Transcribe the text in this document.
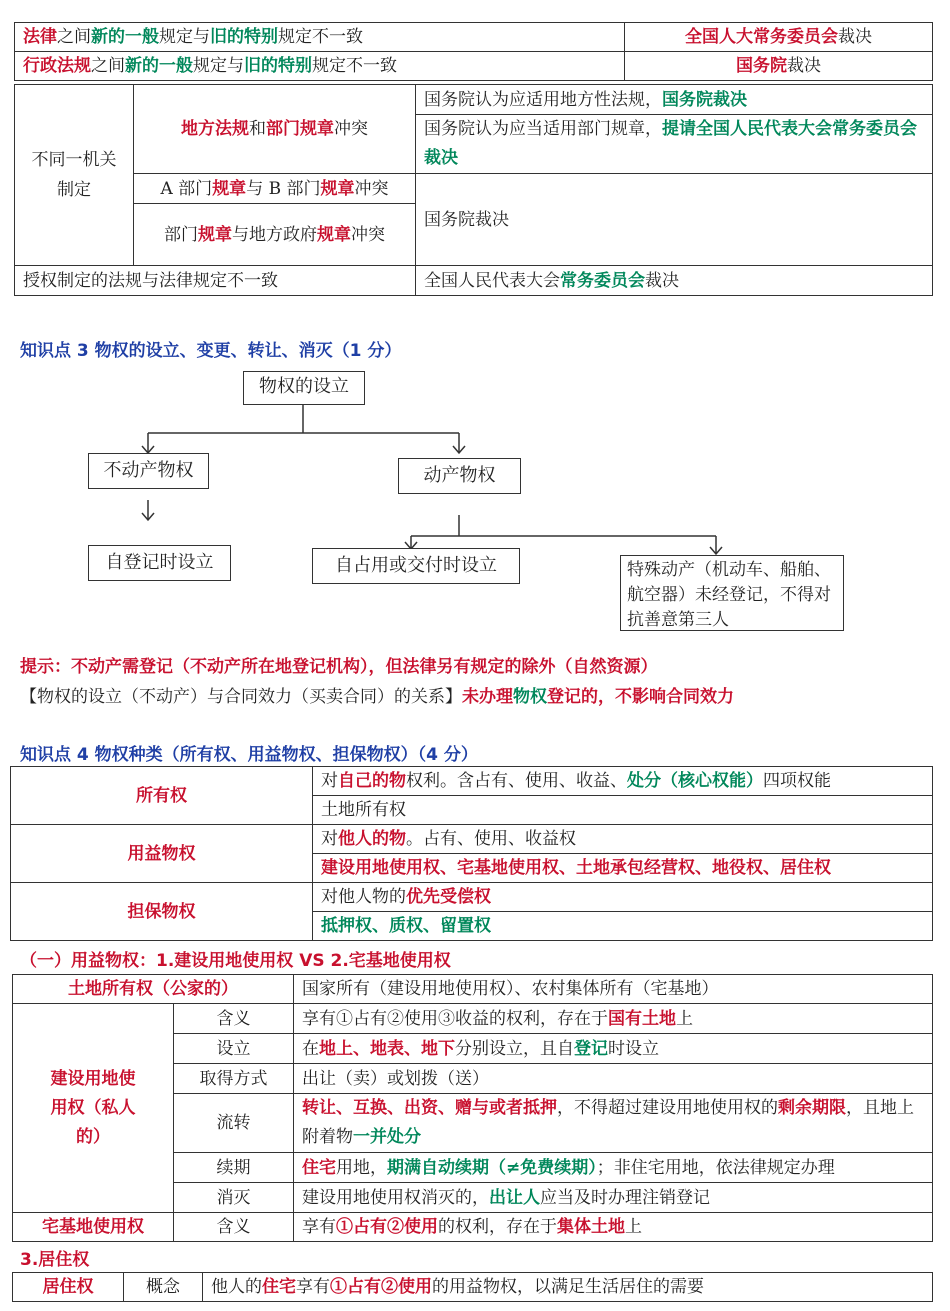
法律之间新的一般规定与旧的特别规定不一致	全国人大常务委员会裁决
行政法规之间新的一般规定与旧的特别规定不一致	国务院裁决
不同一机关制定	地方法规和部门规章冲突	国务院认为应适用地方性法规，国务院裁决
		国务院认为应当适用部门规章，提请全国人民代表大会常务委员会裁决

	A 部门规章与 B 部门规章冲突	国务院裁决
	部门规章与地方政府规章冲突	
授权制定的法规与法律规定不一致		全国人民代表大会常务委员会裁决
知识点 3 物权的设立、变更、转让、消灭（1 分）
物权的设立
不动产物权	动产物权
自登记时设立	自占用或交付时设立	特殊动产（机动车、船舶、 航空器）未经登记，不得对抗善意第三人
提示：不动产需登记（不动产所在地登记机构），但法律另有规定的除外（自然资源）
【物权的设立（不动产）与合同效力（买卖合同）的关系】未办理物权登记的，不影响合同效力
知识点 4 物权种类（所有权、用益物权、担保物权）（4 分）
所有权	对自己的物权利。含占有、使用、收益、处分（核心权能）四项权能
	土地所有权
用益物权	对他人的物。占有、使用、收益权
	建设用地使用权、宅基地使用权、土地承包经营权、地役权、居住权
担保物权	对他人物的优先受偿权
	抵押权、质权、留置权
（一）用益物权：1.建设用地使用权 VS 2.宅基地使用权
土地所有权（公家的）		国家所有（建设用地使用权）、农村集体所有（宅基地）

建设用地使用权（私人的）	含义	享有①占有②使用③收益的权利，存在于国有土地上
	设立	在地上、地表、地下分别设立，且自登记时设立
	取得方式	出让（卖）或划拨（送）
	流转	转让、互换、出资、赠与或者抵押，不得超过建设用地使用权的剩余期限，且地上附着物一并处分
	续期	住宅用地，期满自动续期（≠免费续期）；非住宅用地，依法律规定办理
	消灭	建设用地使用权消灭的，出让人应当及时办理注销登记

宅基地使用权	含义	享有①占有②使用的权利，存在于集体土地上
3.居住权
居住权	概念	他人的住宅享有①占有②使用的用益物权，以满足生活居住的需要
